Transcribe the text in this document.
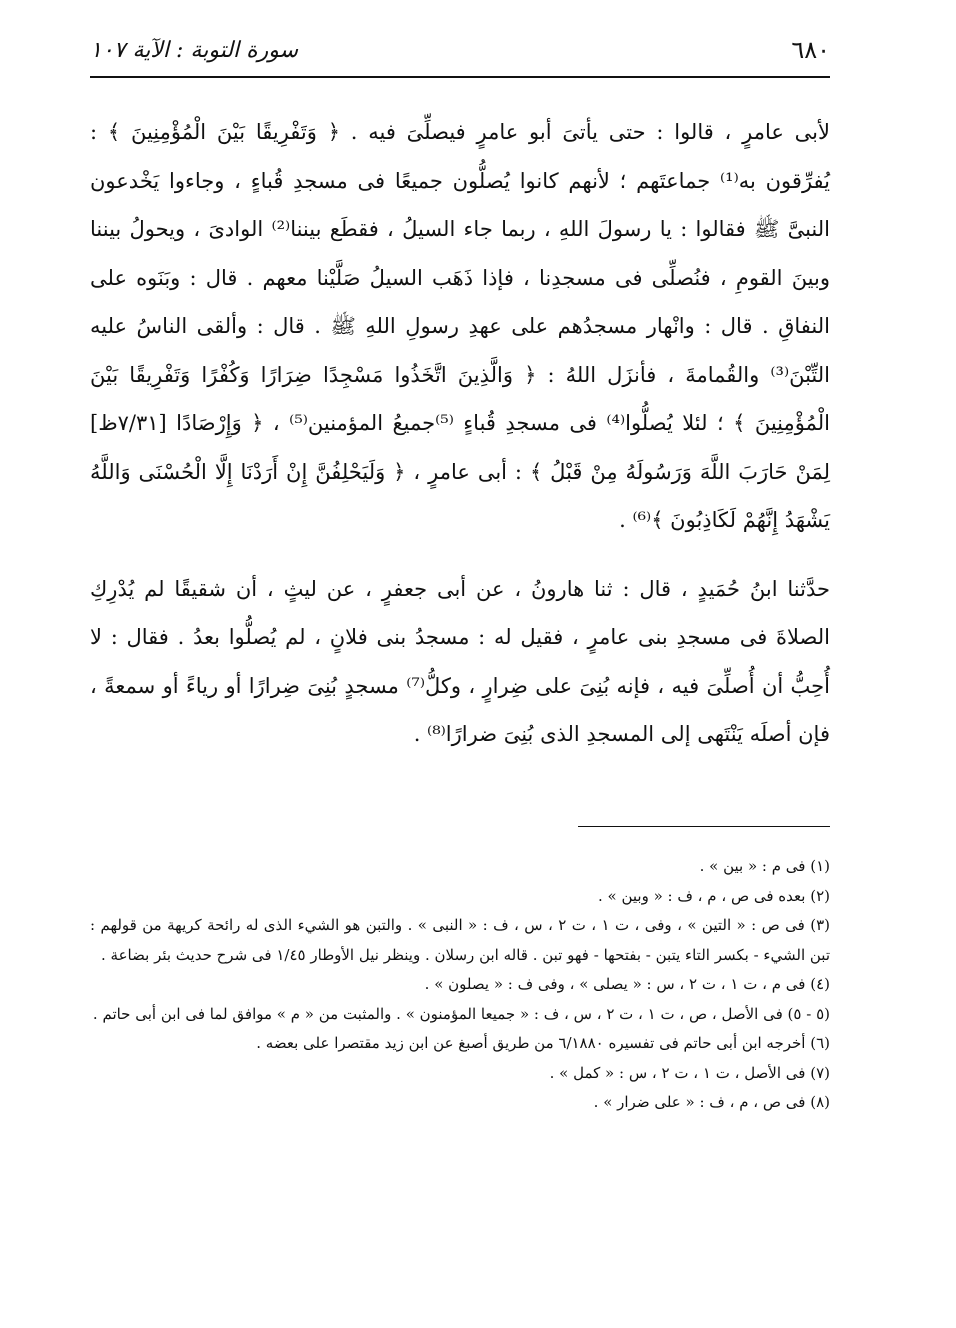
٦٨٠
سورة التوبة : الآية ١٠٧

لأبى عامرٍ ، قالوا : حتى يأتىَ أبو عامرٍ فيصلِّىَ فيه . ﴿ وَتَفْرِيقًا بَيْنَ الْمُؤْمِنِينَ ﴾ : يُفرِّقون به⁽¹⁾ جماعتَهم ؛ لأنهم كانوا يُصلُّون جميعًا فى مسجدِ قُباءٍ ، وجاءوا يَخْدعون النبىَّ ﷺ فقالوا : يا رسولَ اللهِ ، ربما جاء السيلُ ، فقطَع بيننا⁽²⁾ الوادىَ ، ويحولُ بيننا وبينَ القومِ ، فنُصلِّى فى مسجدِنا ، فإذا ذَهَب السيلُ صَلَّيْنا معهم . قال : وبَنَوه على النفاقِ . قال : وانْهار مسجدُهم على عهدِ رسولِ اللهِ ﷺ . قال : وألقى الناسُ عليه التِّبْنَ⁽³⁾ والقُمامةَ ، فأنزَل اللهُ : ﴿ وَالَّذِينَ اتَّخَذُوا مَسْجِدًا ضِرَارًا وَكُفْرًا وَتَفْرِيقًا بَيْنَ الْمُؤْمِنِينَ ﴾ ؛ لئلا يُصلُّوا⁽⁴⁾ فى مسجدِ قُباءٍ ⁽⁵⁾جميعُ المؤمنين⁽⁵⁾ ، ﴿ وَإِرْصَادًا [٧/٣١ظ] لِمَنْ حَارَبَ اللَّهَ وَرَسُولَهُ مِنْ قَبْلُ ﴾ : أبى عامرٍ ، ﴿ وَلَيَحْلِفُنَّ إِنْ أَرَدْنَا إِلَّا الْحُسْنَى وَاللَّهُ يَشْهَدُ إِنَّهُمْ لَكَاذِبُونَ ﴾⁽⁶⁾ .

حدَّثنا ابنُ حُمَيدٍ ، قال : ثنا هارونُ ، عن أبى جعفرٍ ، عن ليثٍ ، أن شقيقًا لم يُدْرِكِ الصلاةَ فى مسجدِ بنى عامرٍ ، فقيل له : مسجدُ بنى فلانٍ ، لم يُصلُّوا بعدُ . فقال : لا أُحِبُّ أن أُصلِّىَ فيه ، فإنه بُنِىَ على ضِرارٍ ، وكلُّ⁽⁷⁾ مسجدٍ بُنِىَ ضِرارًا أو رياءً أو سمعةً ، فإن أصلَه يَنْتَهى إلى المسجدِ الذى بُنِىَ ضرارًا⁽⁸⁾ .

(١) فى م : « بين » .

(٢) بعده فى ص ، م ، ف : « وبين » .

(٣) فى ص : « التين » ، وفى ، ت ١ ، ت ٢ ، س ، ف : « النبى » . والتبن هو الشيء الذى له رائحة كريهة من قولهم : تبن الشيء - بكسر التاء يتبن - بفتحها - فهو تبن . قاله ابن رسلان . وينظر نيل الأوطار ١/٤٥ فى شرح حديث بئر بضاعة .

(٤) فى م ، ت ١ ، ت ٢ ، س : « يصلى » ، وفى ف : « يصلون » .

(٥ - ٥) فى الأصل ، ص ، ت ١ ، ت ٢ ، س ، ف : « جميعا المؤمنون » . والمثبت من « م » موافق لما فى ابن أبى حاتم .

(٦) أخرجه ابن أبى حاتم فى تفسيره ٦/١٨٨٠ من طريق أصبغ عن ابن زيد مقتصرا على بعضه .

(٧) فى الأصل ، ت ١ ، ت ٢ ، س : « كمل » .

(٨) فى ص ، م ، ف : « على ضرار » .
